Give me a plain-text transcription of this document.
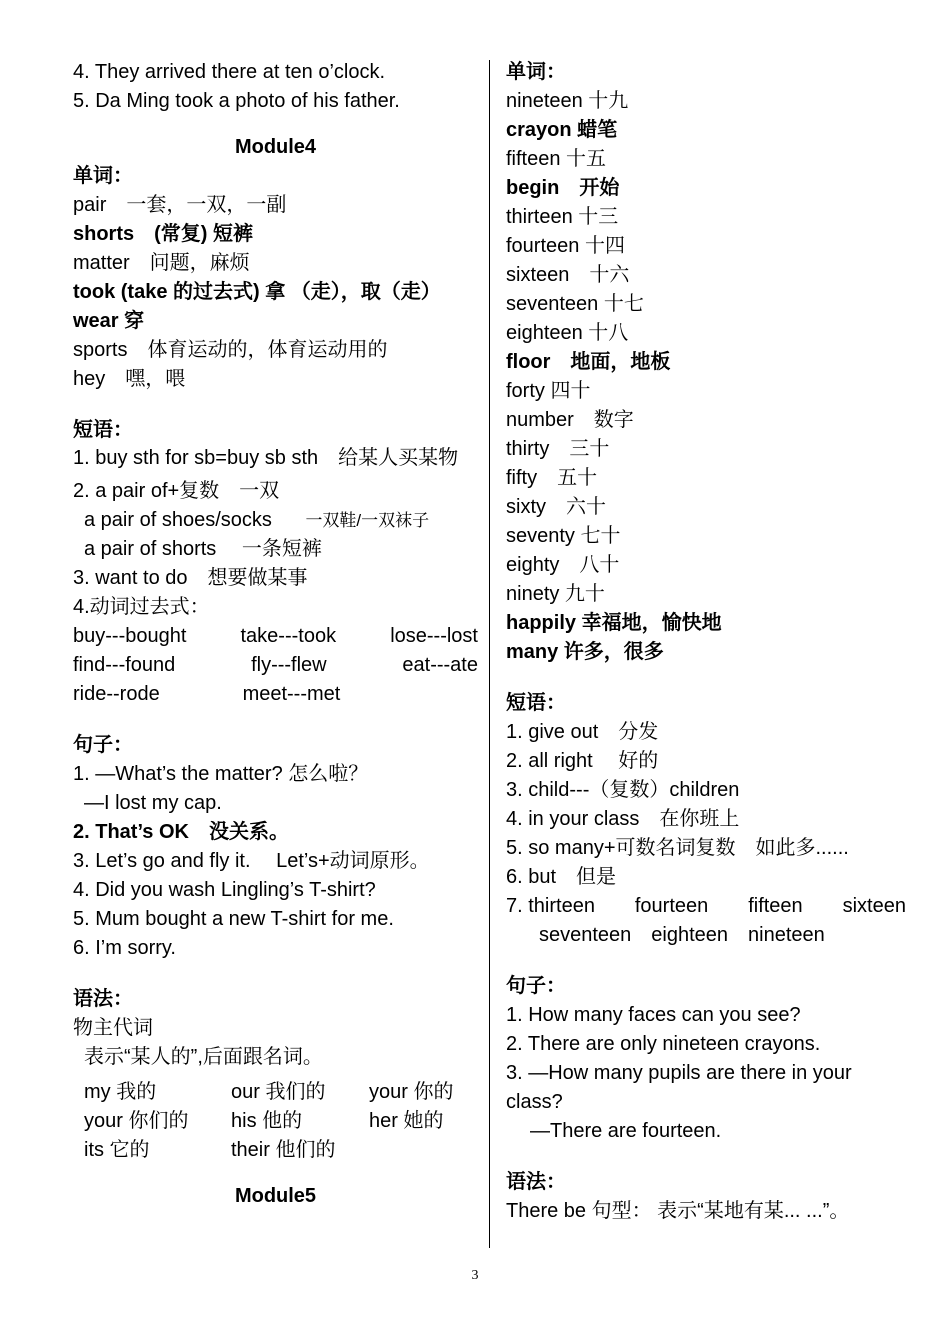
4. They arrived there at ten o’clock.
5. Da Ming took a photo of his father.
Module4
单词：
pair　一套，一双，一副
shorts　(常复) 短裤
matter　问题，麻烦
took (take 的过去式) 拿 （走），取（走）
wear 穿
sports　体育运动的，体育运动用的
hey　嘿，喂
短语：
1. buy sth for sb=buy sb sth　给某人买某物
2. a pair of+复数　一双
a pair of shoes/socks 一双鞋/一双袜子
a pair of shorts　 一条短裤
3. want to do　想要做某事
4.动词过去式：
buy---bought	take---took	lose---lost
find---found	fly---flew	eat---ate
ride--rode	meet---met
句子：
1. —What’s the matter? 怎么啦？
—I lost my cap.
2. That’s OK　没关系。
3. Let’s go and fly it.　 Let’s+动词原形。
4. Did you wash Lingling’s T-shirt?
5. Mum bought a new T-shirt for me.
6. I’m sorry.
语法：
物主代词
表示“某人的”,后面跟名词。
my 我的	our 我们的	your 你的
your 你们的	his 他的	her 她的
its 它的	their 他们的
Module5
单词：
nineteen 十九
crayon 蜡笔
fifteen 十五
begin　开始
thirteen 十三
fourteen 十四
sixteen　十六
seventeen 十七
eighteen 十八
floor　地面，地板
forty 四十
number　数字
thirty　三十
fifty　五十
sixty　六十
seventy 七十
eighty　八十
ninety 九十
happily 幸福地，愉快地
many 许多，很多
短语：
1. give out　分发
2. all right　 好的
3. child---（复数）children
4. in your class　在你班上
5. so many+可数名词复数　如此多......
6. but　但是
7. thirteen fourteen fifteen sixteen
seventeen　eighteen　nineteen
句子：
1. How many faces can you see?
2. There are only nineteen crayons.
3. —How many pupils are there in your class?
—There are fourteen.
语法：
There be 句型： 表示“某地有某... ...”。
3
